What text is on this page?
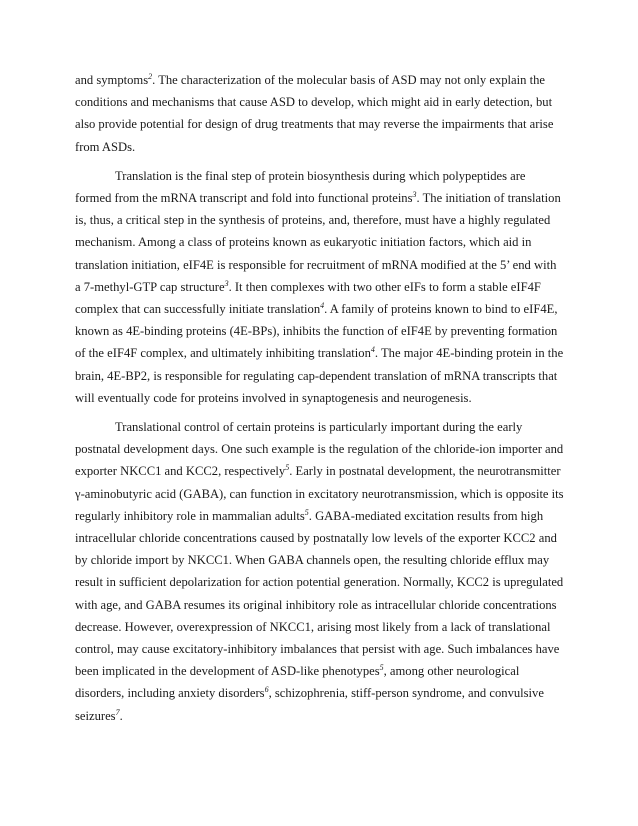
and symptoms$^2$. The characterization of the molecular basis of ASD may not only explain the conditions and mechanisms that cause ASD to develop, which might aid in early detection, but also provide potential for design of drug treatments that may reverse the impairments that arise from ASDs.

Translation is the final step of protein biosynthesis during which polypeptides are formed from the mRNA transcript and fold into functional proteins$^3$. The initiation of translation is, thus, a critical step in the synthesis of proteins, and, therefore, must have a highly regulated mechanism. Among a class of proteins known as eukaryotic initiation factors, which aid in translation initiation, eIF4E is responsible for recruitment of mRNA modified at the 5’ end with a 7-methyl-GTP cap structure$^3$. It then complexes with two other eIFs to form a stable eIF4F complex that can successfully initiate translation$^4$. A family of proteins known to bind to eIF4E, known as 4E-binding proteins (4E-BPs), inhibits the function of eIF4E by preventing formation of the eIF4F complex, and ultimately inhibiting translation$^4$. The major 4E-binding protein in the brain, 4E-BP2, is responsible for regulating cap-dependent translation of mRNA transcripts that will eventually code for proteins involved in synaptogenesis and neurogenesis.

Translational control of certain proteins is particularly important during the early postnatal development days. One such example is the regulation of the chloride-ion importer and exporter NKCC1 and KCC2, respectively$^5$. Early in postnatal development, the neurotransmitter γ-aminobutyric acid (GABA), can function in excitatory neurotransmission, which is opposite its regularly inhibitory role in mammalian adults$^5$. GABA-mediated excitation results from high intracellular chloride concentrations caused by postnatally low levels of the exporter KCC2 and by chloride import by NKCC1. When GABA channels open, the resulting chloride efflux may result in sufficient depolarization for action potential generation. Normally, KCC2 is upregulated with age, and GABA resumes its original inhibitory role as intracellular chloride concentrations decrease. However, overexpression of NKCC1, arising most likely from a lack of translational control, may cause excitatory-inhibitory imbalances that persist with age. Such imbalances have been implicated in the development of ASD-like phenotypes$^5$, among other neurological disorders, including anxiety disorders$^6$, schizophrenia, stiff-person syndrome, and convulsive seizures$^7$.
